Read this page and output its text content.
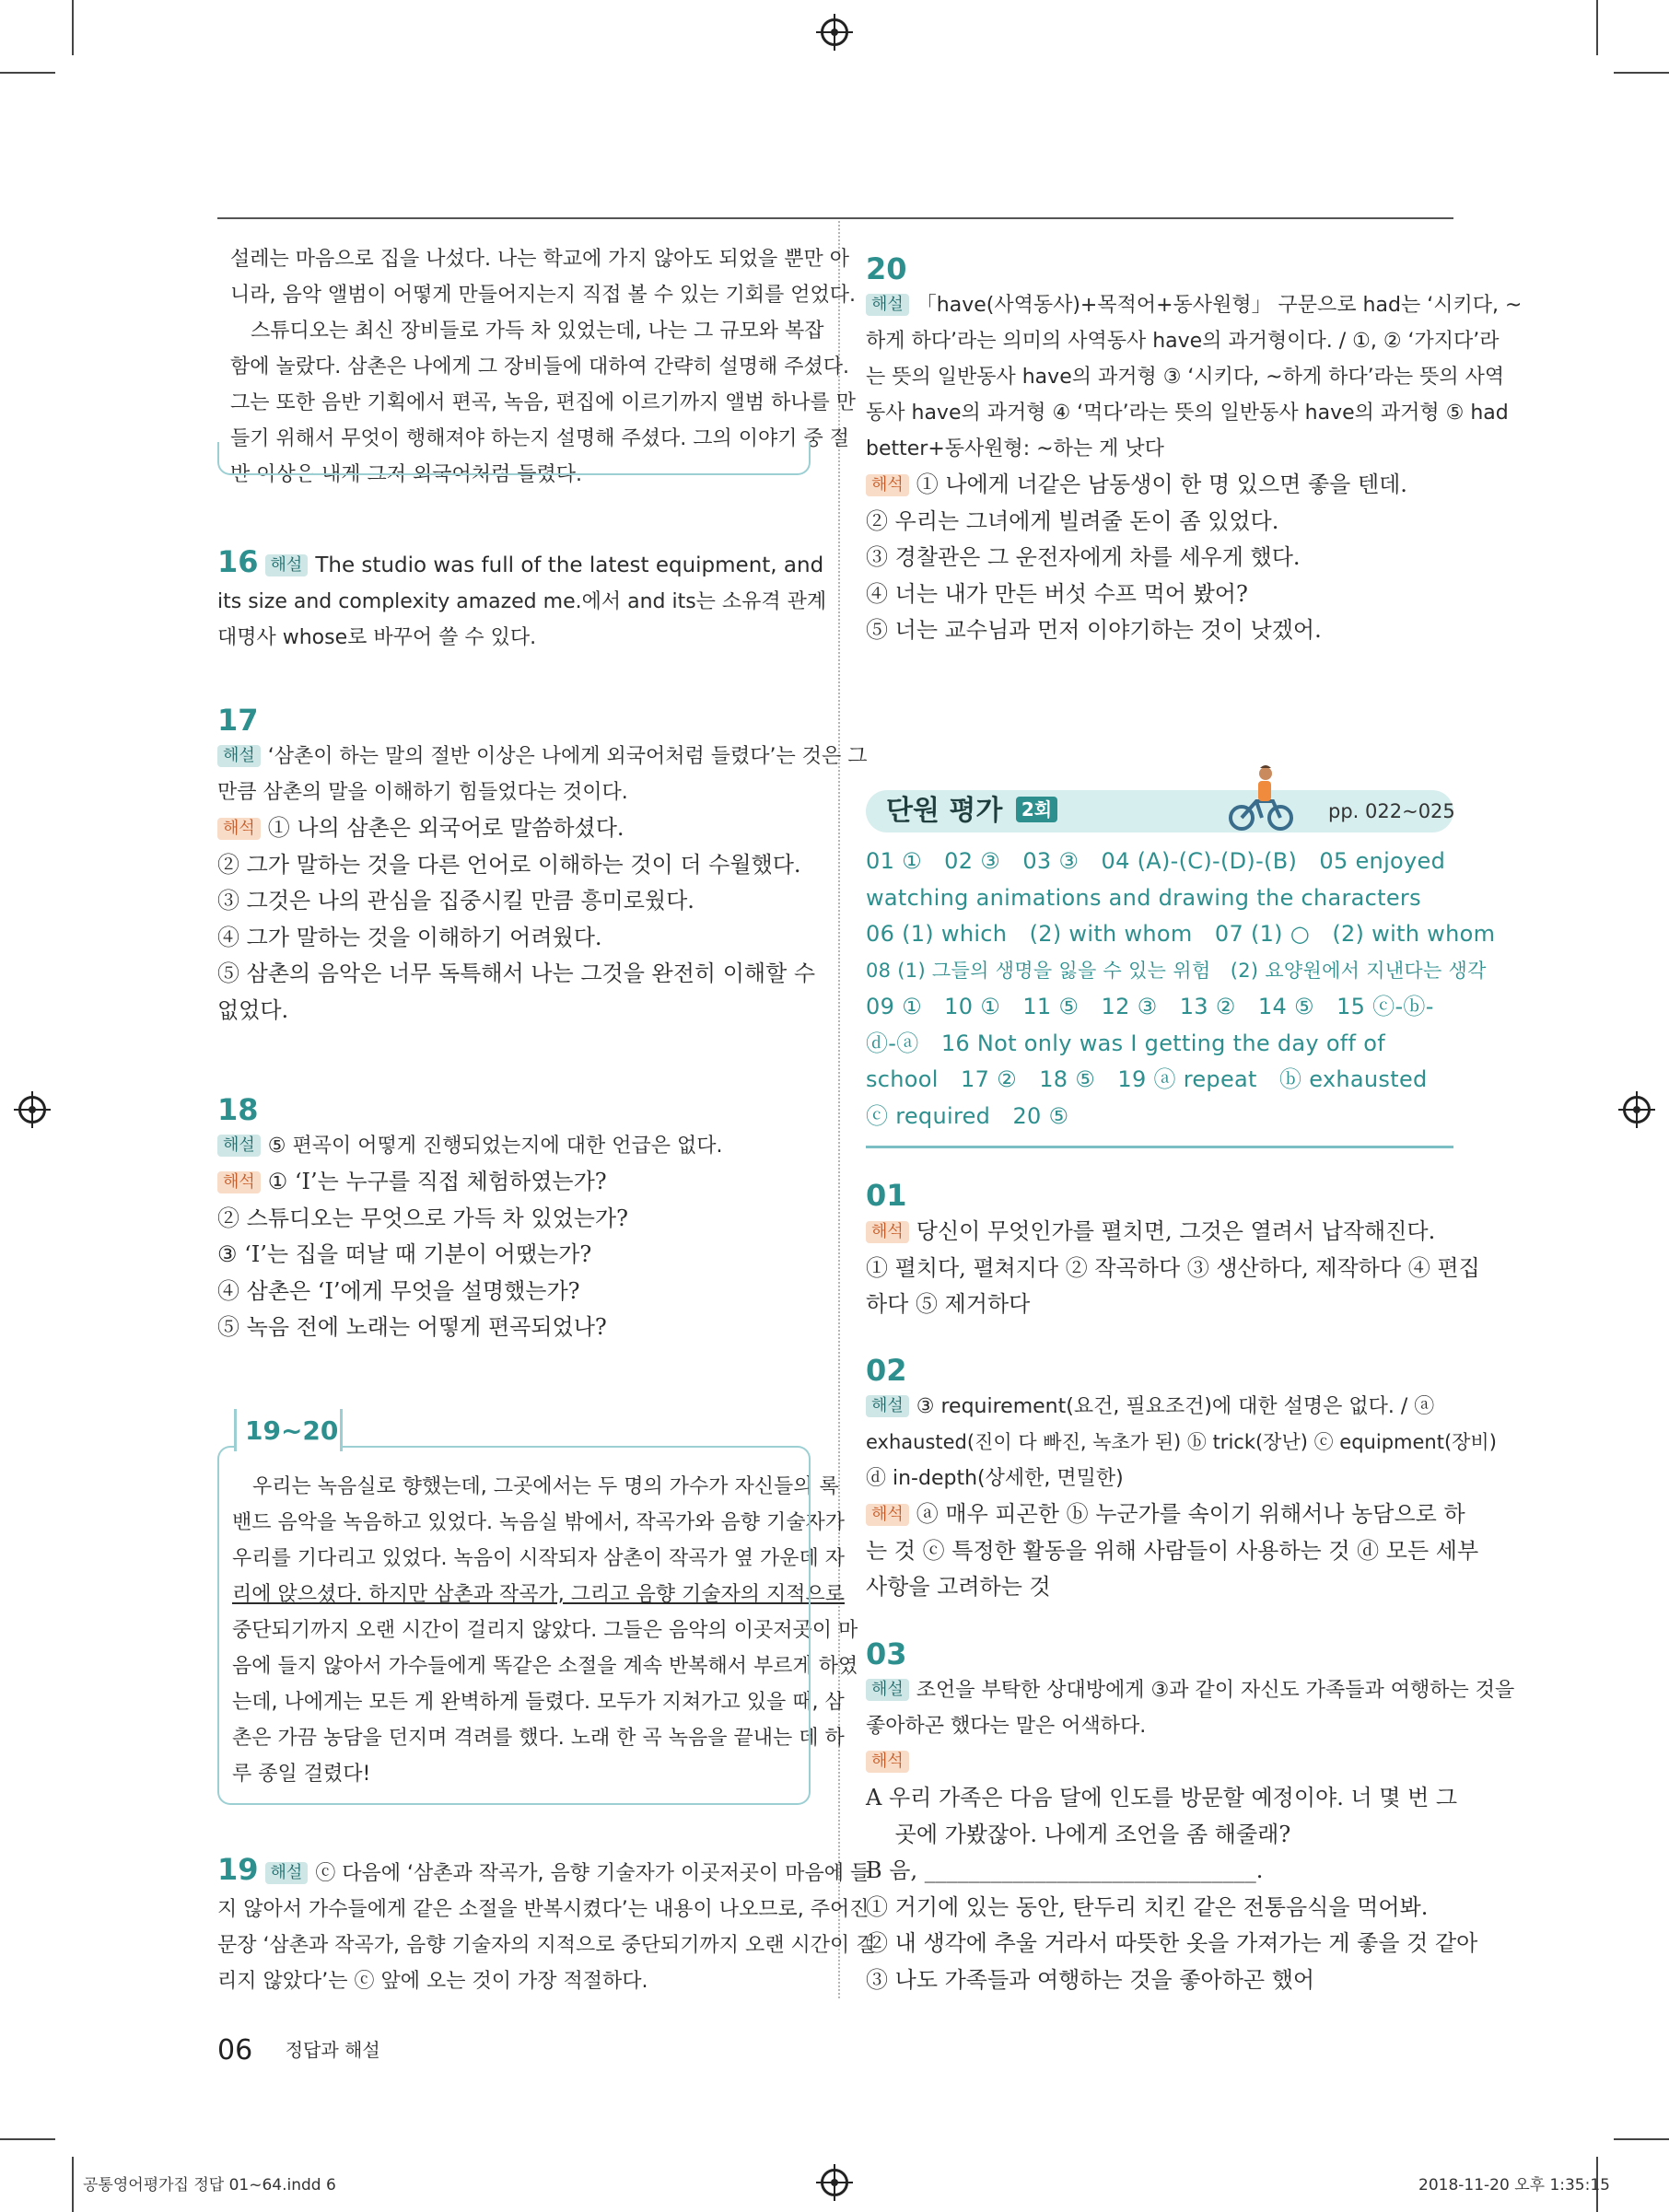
설레는 마음으로 집을 나섰다. 나는 학교에 가지 않아도 되었을 뿐만 아
니라, 음악 앨범이 어떻게 만들어지는지 직접 볼 수 있는 기회를 얻었다.
　스튜디오는 최신 장비들로 가득 차 있었는데, 나는 그 규모와 복잡
함에 놀랐다. 삼촌은 나에게 그 장비들에 대하여 간략히 설명해 주셨다.
그는 또한 음반 기획에서 편곡, 녹음, 편집에 이르기까지 앨범 하나를 만
들기 위해서 무엇이 행해져야 하는지 설명해 주셨다. 그의 이야기 중 절
반 이상은 내게 그저 외국어처럼 들렸다.
16 해설 The studio was full of the latest equipment, and
its size and complexity amazed me.에서 and its는 소유격 관계
대명사 whose로 바꾸어 쓸 수 있다.
17
해설 ‘삼촌이 하는 말의 절반 이상은 나에게 외국어처럼 들렸다’는 것은 그
만큼 삼촌의 말을 이해하기 힘들었다는 것이다.
해석 ① 나의 삼촌은 외국어로 말씀하셨다.
② 그가 말하는 것을 다른 언어로 이해하는 것이 더 수월했다.
③ 그것은 나의 관심을 집중시킬 만큼 흥미로웠다.
④ 그가 말하는 것을 이해하기 어려웠다.
⑤ 삼촌의 음악은 너무 독특해서 나는 그것을 완전히 이해할 수
없었다.
18
해설 ⑤ 편곡이 어떻게 진행되었는지에 대한 언급은 없다.
해석 ① ‘I’는 누구를 직접 체험하였는가?
② 스튜디오는 무엇으로 가득 차 있었는가?
③ ‘I’는 집을 떠날 때 기분이 어땠는가?
④ 삼촌은 ‘I’에게 무엇을 설명했는가?
⑤ 녹음 전에 노래는 어떻게 편곡되었나?
19~20
　우리는 녹음실로 향했는데, 그곳에서는 두 명의 가수가 자신들의 록
밴드 음악을 녹음하고 있었다. 녹음실 밖에서, 작곡가와 음향 기술자가
우리를 기다리고 있었다. 녹음이 시작되자 삼촌이 작곡가 옆 가운데 자
리에 앉으셨다. 하지만 삼촌과 작곡가, 그리고 음향 기술자의 지적으로
중단되기까지 오랜 시간이 걸리지 않았다. 그들은 음악의 이곳저곳이 마
음에 들지 않아서 가수들에게 똑같은 소절을 계속 반복해서 부르게 하였
는데, 나에게는 모든 게 완벽하게 들렸다. 모두가 지쳐가고 있을 때, 삼
촌은 가끔 농담을 던지며 격려를 했다. 노래 한 곡 녹음을 끝내는 데 하
루 종일 걸렸다!
19 해설 ⓒ 다음에 ‘삼촌과 작곡가, 음향 기술자가 이곳저곳이 마음에 들
지 않아서 가수들에게 같은 소절을 반복시켰다’는 내용이 나오므로, 주어진
문장 ‘삼촌과 작곡가, 음향 기술자의 지적으로 중단되기까지 오랜 시간이 걸
리지 않았다’는 ⓒ 앞에 오는 것이 가장 적절하다.
06 정답과 해설
20
해설 「have(사역동사)+목적어+동사원형」 구문으로 had는 ‘시키다, ~
하게 하다’라는 의미의 사역동사 have의 과거형이다. / ①, ② ‘가지다’라
는 뜻의 일반동사 have의 과거형 ③ ‘시키다, ~하게 하다’라는 뜻의 사역
동사 have의 과거형 ④ ‘먹다’라는 뜻의 일반동사 have의 과거형 ⑤ had
better+동사원형: ~하는 게 낫다
해석 ① 나에게 너같은 남동생이 한 명 있으면 좋을 텐데.
② 우리는 그녀에게 빌려줄 돈이 좀 있었다.
③ 경찰관은 그 운전자에게 차를 세우게 했다.
④ 너는 내가 만든 버섯 수프 먹어 봤어?
⑤ 너는 교수님과 먼저 이야기하는 것이 낫겠어.
단원 평가 2회	pp. 022~025
01 ①　02 ③　03 ③　04 (A)-(C)-(D)-(B)　05 enjoyed
watching animations and drawing the characters
06 (1) which　(2) with whom　07 (1) ○　(2) with whom
08 (1) 그들의 생명을 잃을 수 있는 위험　(2) 요양원에서 지낸다는 생각
09 ①　10 ①　11 ⑤　12 ③　13 ②　14 ⑤　15 ⓒ-ⓑ-
ⓓ-ⓐ　16 Not only was I getting the day off of
school　17 ②　18 ⑤　19 ⓐ repeat　ⓑ exhausted
ⓒ required　20 ⑤
01
해석 당신이 무엇인가를 펼치면, 그것은 열려서 납작해진다.
① 펼치다, 펼쳐지다 ② 작곡하다 ③ 생산하다, 제작하다 ④ 편집
하다 ⑤ 제거하다
02
해설 ③ requirement(요건, 필요조건)에 대한 설명은 없다. / ⓐ
exhausted(진이 다 빠진, 녹초가 된) ⓑ trick(장난) ⓒ equipment(장비)
ⓓ in-depth(상세한, 면밀한)
해석 ⓐ 매우 피곤한 ⓑ 누군가를 속이기 위해서나 농담으로 하
는 것 ⓒ 특정한 활동을 위해 사람들이 사용하는 것 ⓓ 모든 세부
사항을 고려하는 것
03
해설 조언을 부탁한 상대방에게 ③과 같이 자신도 가족들과 여행하는 것을
좋아하곤 했다는 말은 어색하다.
해석
A 우리 가족은 다음 달에 인도를 방문할 예정이야. 너 몇 번 그
　 곳에 가봤잖아. 나에게 조언을 좀 해줄래?
B 음, ______________________________.
① 거기에 있는 동안, 탄두리 치킨 같은 전통음식을 먹어봐.
② 내 생각에 추울 거라서 따뜻한 옷을 가져가는 게 좋을 것 같아
③ 나도 가족들과 여행하는 것을 좋아하곤 했어
공통영어평가집 정답 01~64.indd 6	2018-11-20 오후 1:35:15
